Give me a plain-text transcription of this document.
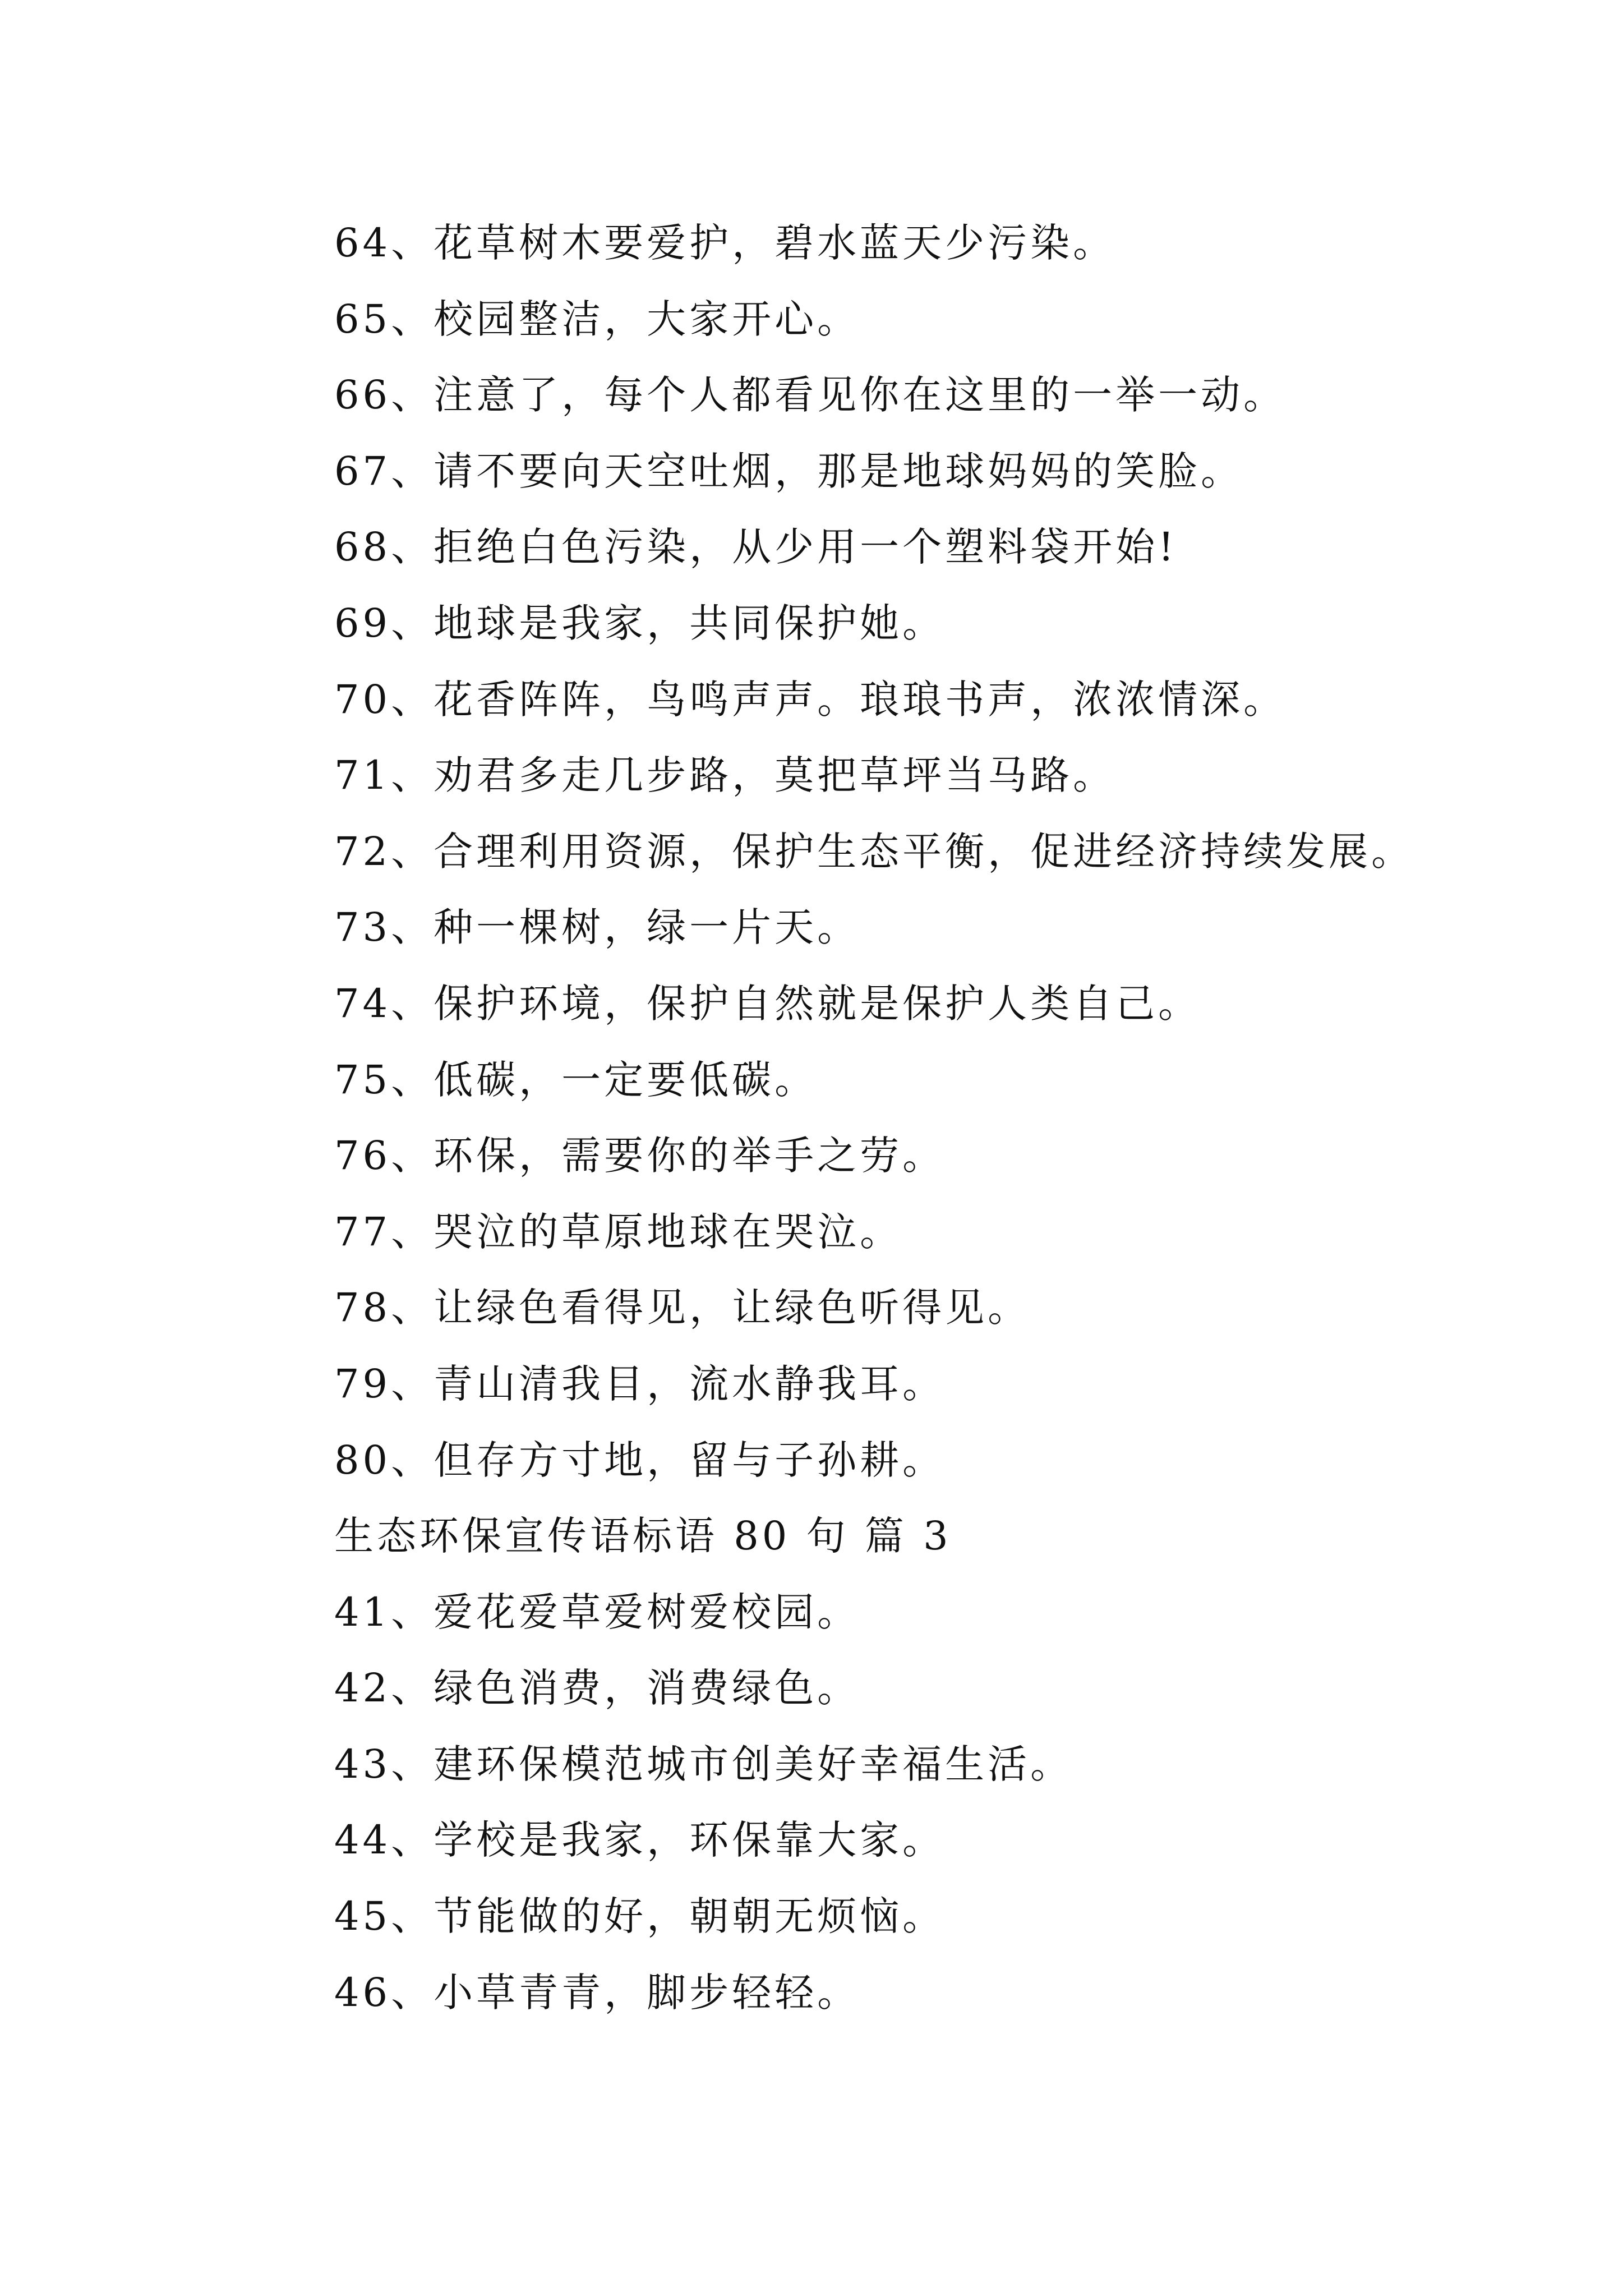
64、花草树木要爱护，碧水蓝天少污染。
65、校园整洁，大家开心。
66、注意了，每个人都看见你在这里的一举一动。
67、请不要向天空吐烟，那是地球妈妈的笑脸。
68、拒绝白色污染，从少用一个塑料袋开始!
69、地球是我家，共同保护她。
70、花香阵阵，鸟鸣声声。琅琅书声，浓浓情深。
71、劝君多走几步路，莫把草坪当马路。
72、合理利用资源，保护生态平衡，促进经济持续发展。
73、种一棵树，绿一片天。
74、保护环境，保护自然就是保护人类自己。
75、低碳，一定要低碳。
76、环保，需要你的举手之劳。
77、哭泣的草原地球在哭泣。
78、让绿色看得见，让绿色听得见。
79、青山清我目，流水静我耳。
80、但存方寸地，留与子孙耕。
生态环保宣传语标语 80 句 篇 3
41、爱花爱草爱树爱校园。
42、绿色消费，消费绿色。
43、建环保模范城市创美好幸福生活。
44、学校是我家，环保靠大家。
45、节能做的好，朝朝无烦恼。
46、小草青青，脚步轻轻。
